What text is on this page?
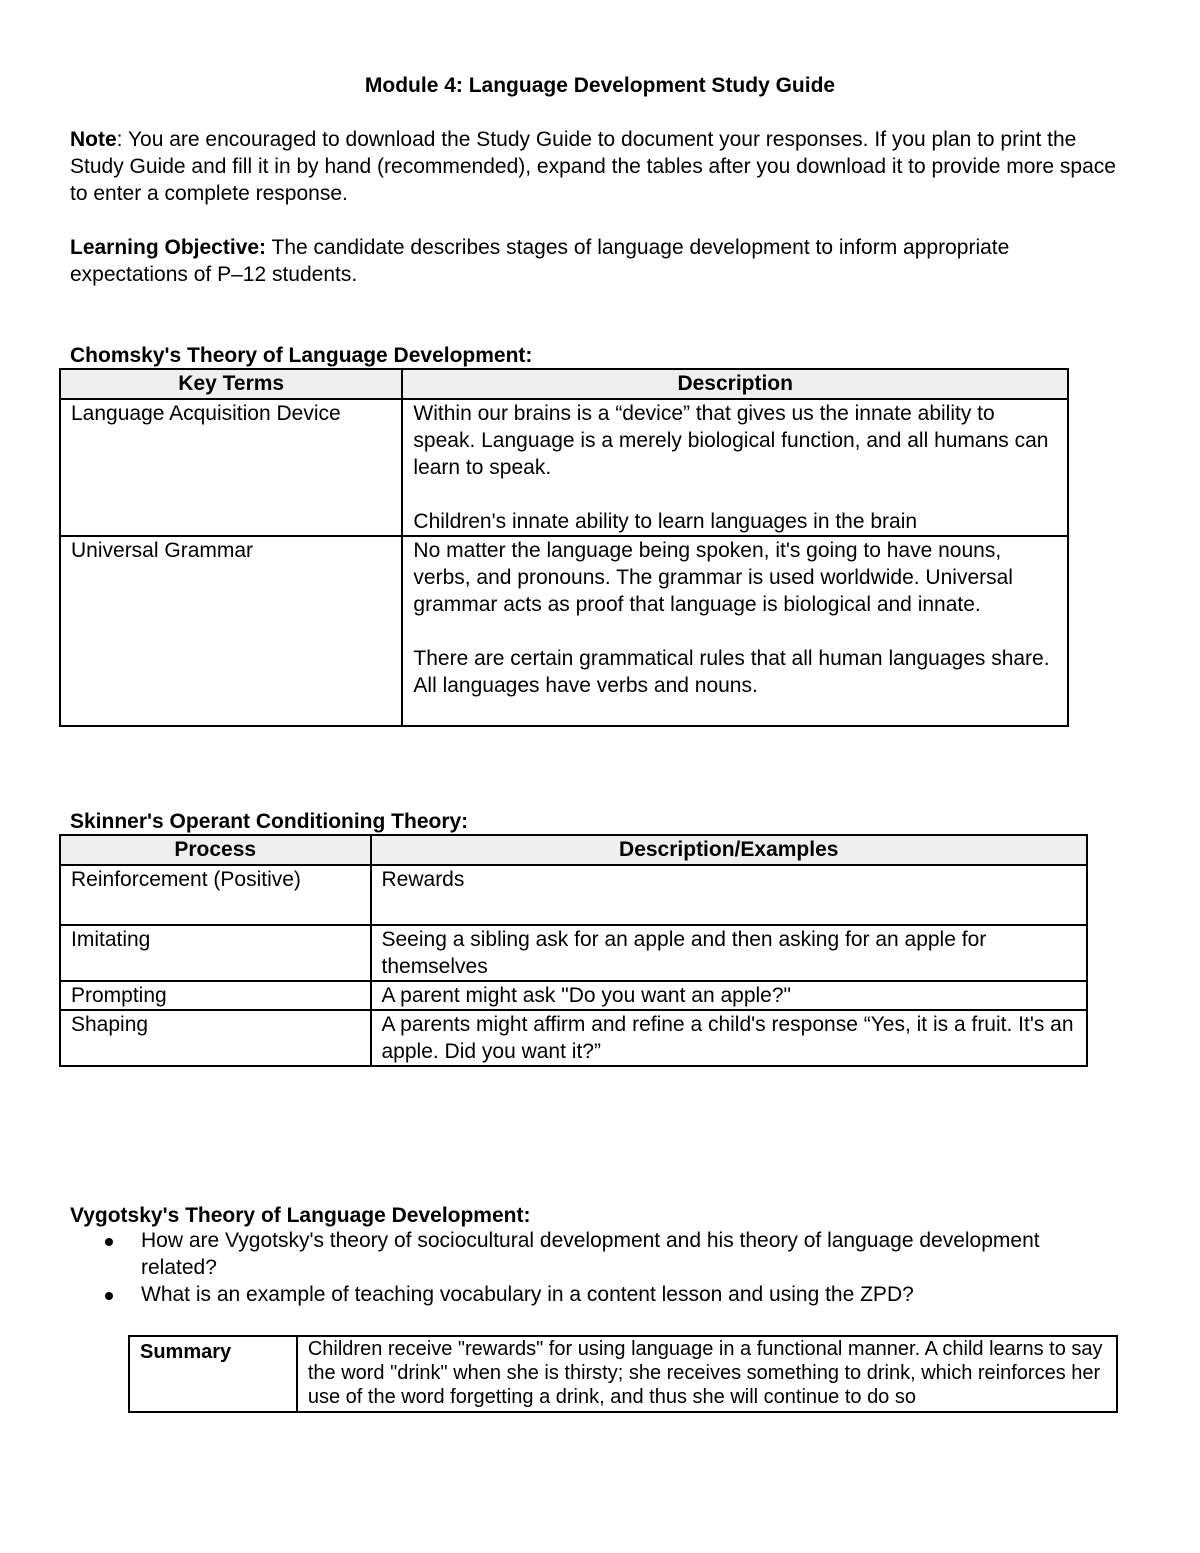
Module 4: Language Development Study Guide
Note: You are encouraged to download the Study Guide to document your responses. If you plan to print the Study Guide and fill it in by hand (recommended), expand the tables after you download it to provide more space to enter a complete response.
Learning Objective: The candidate describes stages of language development to inform appropriate expectations of P–12 students.
Chomsky's Theory of Language Development:
Key Terms	Description
Language Acquisition Device	Within our brains is a “device” that gives us the innate ability to speak. Language is a merely biological function, and all humans can learn to speak.
Children's innate ability to learn languages in the brain
Universal Grammar	No matter the language being spoken, it's going to have nouns, verbs, and pronouns. The grammar is used worldwide. Universal grammar acts as proof that language is biological and innate.
There are certain grammatical rules that all human languages share. All languages have verbs and nouns.
Skinner's Operant Conditioning Theory:
Process	Description/Examples
Reinforcement (Positive)	Rewards
Imitating	Seeing a sibling ask for an apple and then asking for an apple for themselves
Prompting	A parent might ask "Do you want an apple?"
Shaping	A parents might affirm and refine a child's response “Yes, it is a fruit. It's an apple. Did you want it?”
Vygotsky's Theory of Language Development:
How are Vygotsky's theory of sociocultural development and his theory of language development related?
What is an example of teaching vocabulary in a content lesson and using the ZPD?
Summary	Children receive "rewards" for using language in a functional manner. A child learns to say the word "drink" when she is thirsty; she receives something to drink, which reinforces her use of the word forgetting a drink, and thus she will continue to do so
